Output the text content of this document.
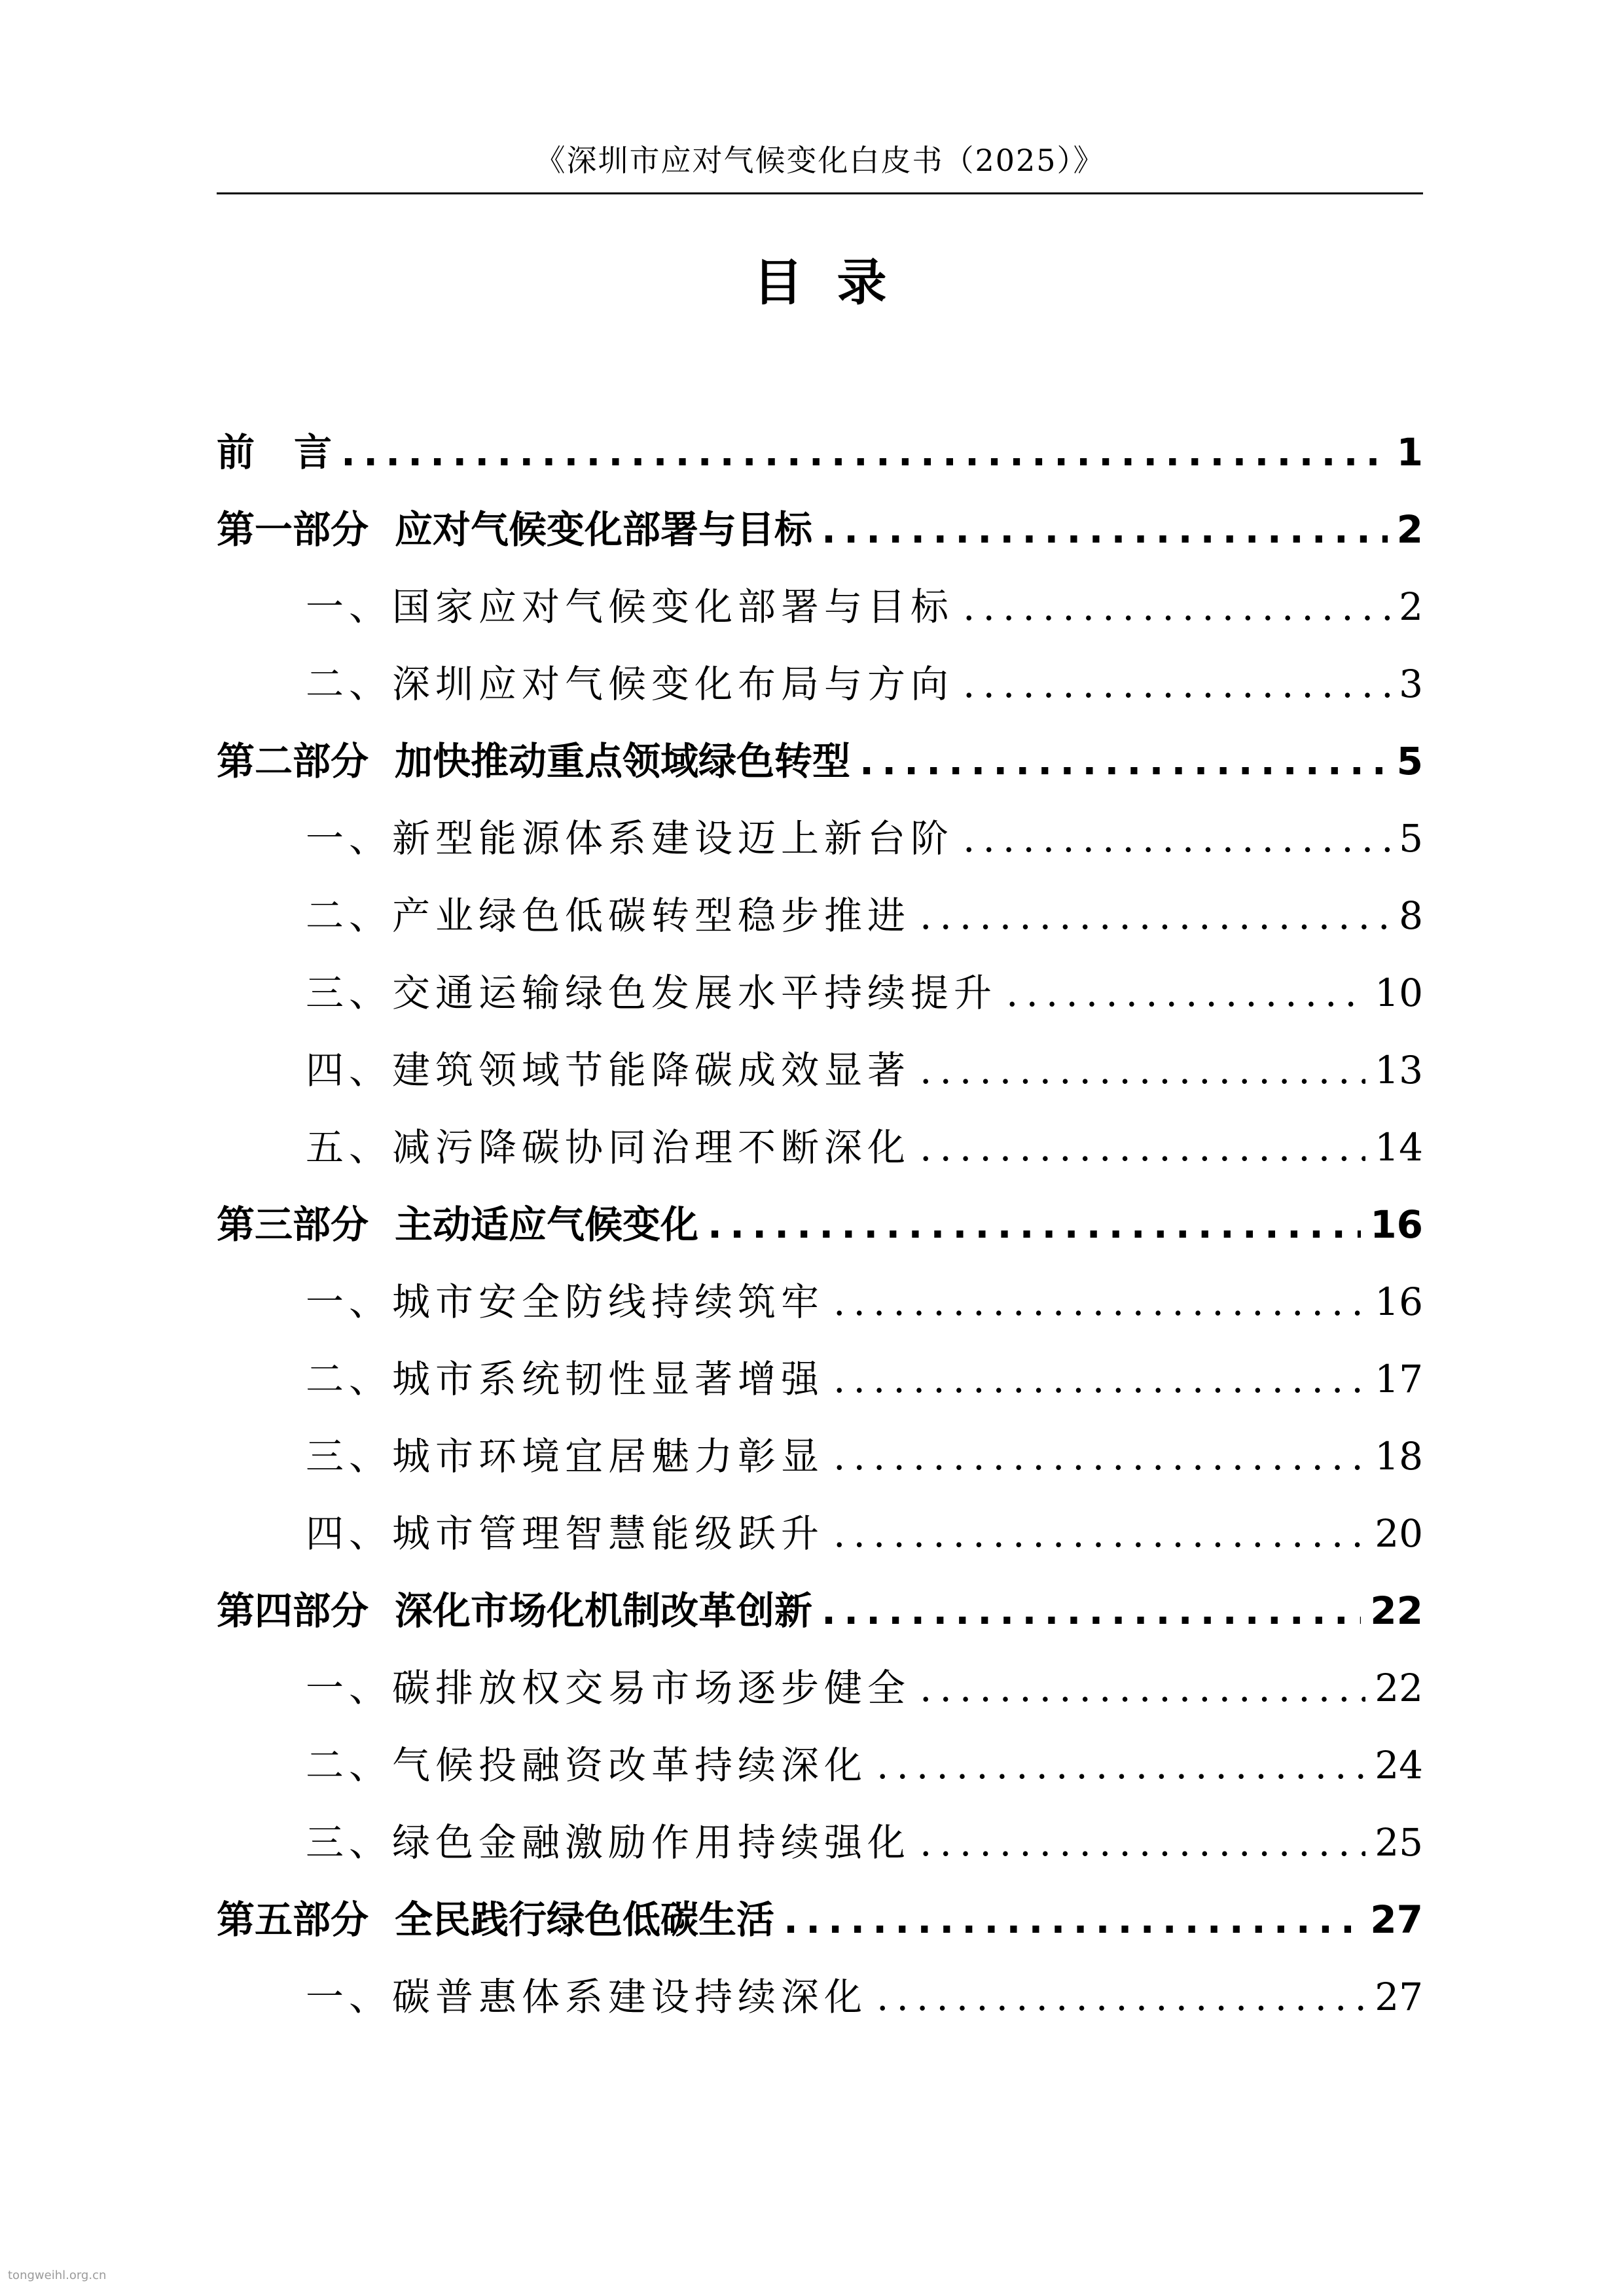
《深圳市应对气候变化白皮书（2025）》
目 录
前言 .....	1
第一部分 应对气候变化部署与目标 .....	2
一、国家应对气候变化部署与目标 .....	2
二、深圳应对气候变化布局与方向 .....	3
第二部分 加快推动重点领域绿色转型 .....	5
一、新型能源体系建设迈上新台阶 .....	5
二、产业绿色低碳转型稳步推进 .....	8
三、交通运输绿色发展水平持续提升 .....	10
四、建筑领域节能降碳成效显著 .....	13
五、减污降碳协同治理不断深化 .....	14
第三部分 主动适应气候变化 .....	16
一、城市安全防线持续筑牢 .....	16
二、城市系统韧性显著增强 .....	17
三、城市环境宜居魅力彰显 .....	18
四、城市管理智慧能级跃升 .....	20
第四部分 深化市场化机制改革创新 .....	22
一、碳排放权交易市场逐步健全 .....	22
二、气候投融资改革持续深化 .....	24
三、绿色金融激励作用持续强化 .....	25
第五部分 全民践行绿色低碳生活 .....	27
一、碳普惠体系建设持续深化 .....	27
tongweihl.org.cn
